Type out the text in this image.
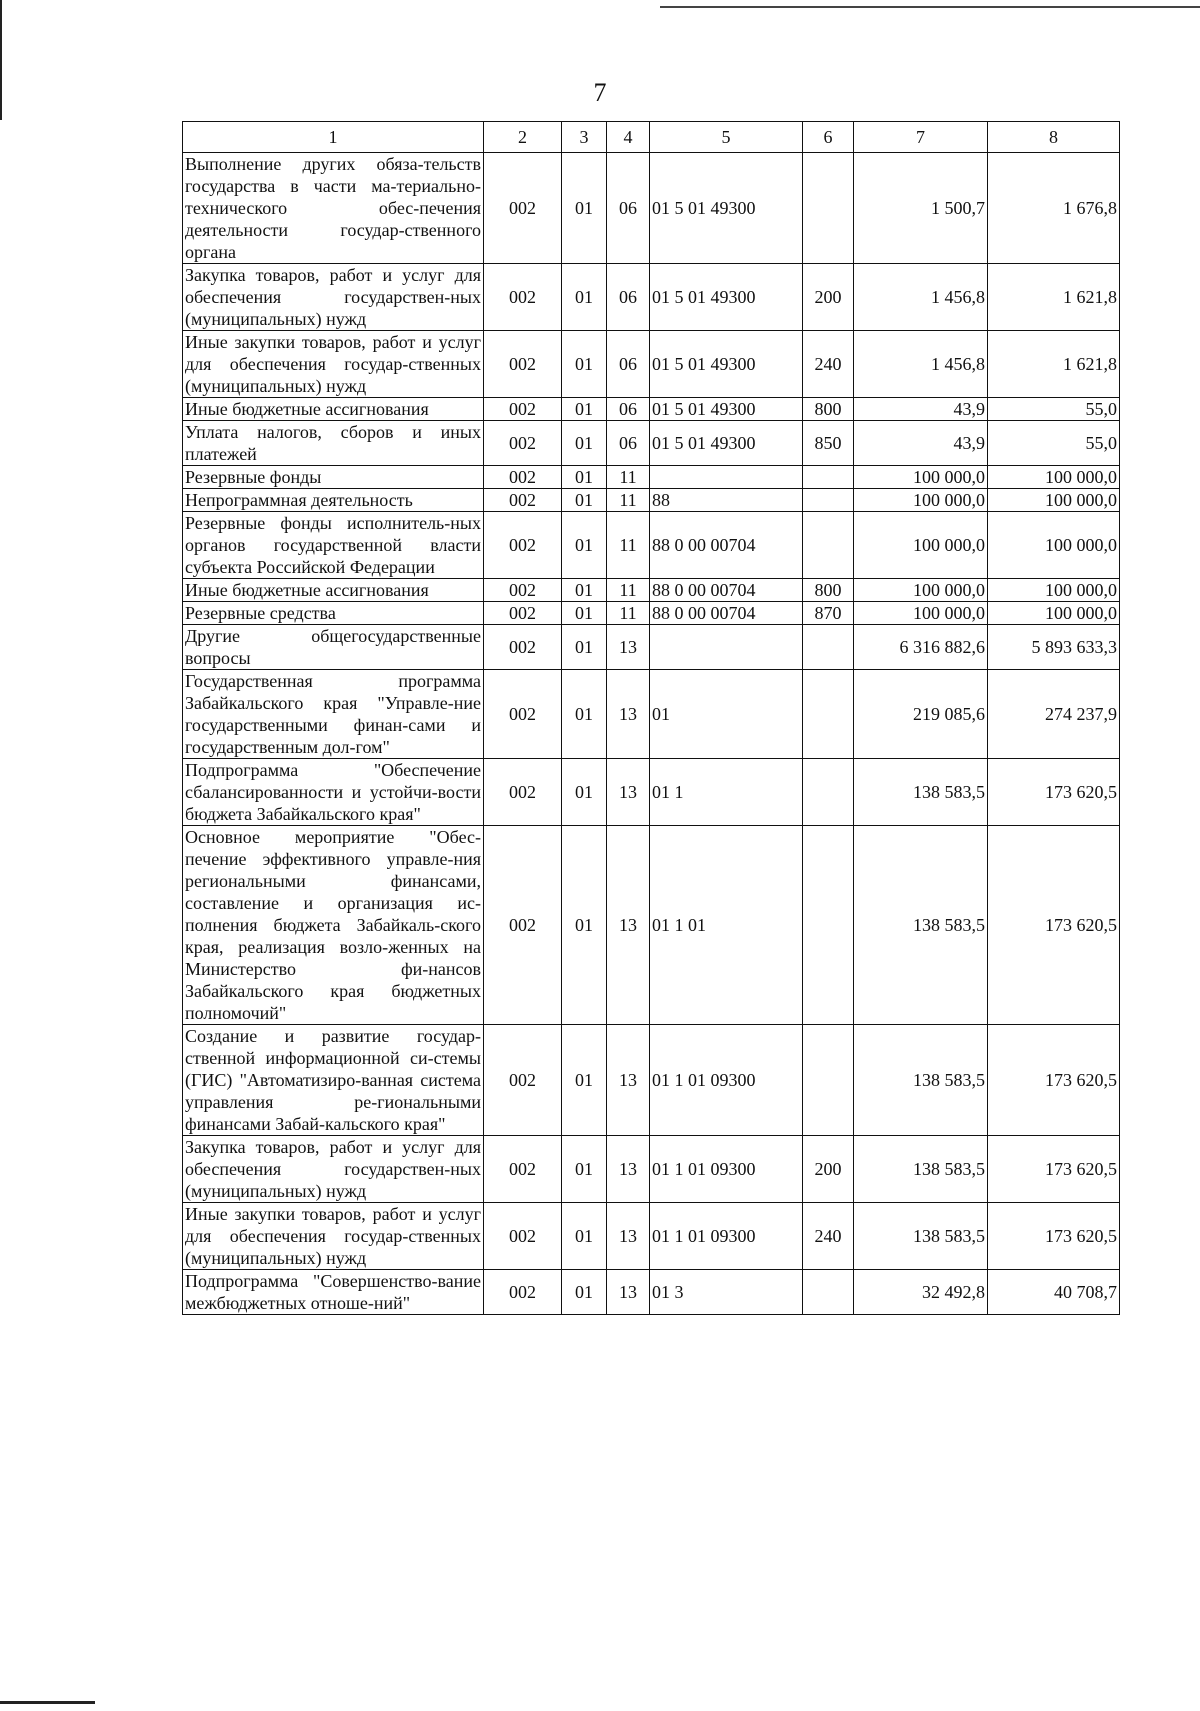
7
1	2	3	4	5	6	7	8
Выполнение других обяза-тельств государства в части ма-териально-технического обес-печения деятельности государ-ственного органа	002	01	06	01 5 01 49300		1 500,7	1 676,8
Закупка товаров, работ и услуг для обеспечения государствен-ных (муниципальных) нужд	002	01	06	01 5 01 49300	200	1 456,8	1 621,8
Иные закупки товаров, работ и услуг для обеспечения государ-ственных (муниципальных) нужд	002	01	06	01 5 01 49300	240	1 456,8	1 621,8
Иные бюджетные ассигнования	002	01	06	01 5 01 49300	800	43,9	55,0
Уплата налогов, сборов и иных платежей	002	01	06	01 5 01 49300	850	43,9	55,0
Резервные фонды	002	01	11			100 000,0	100 000,0
Непрограммная деятельность	002	01	11	88		100 000,0	100 000,0
Резервные фонды исполнитель-ных органов государственной власти субъекта Российской Федерации	002	01	11	88 0 00 00704		100 000,0	100 000,0
Иные бюджетные ассигнования	002	01	11	88 0 00 00704	800	100 000,0	100 000,0
Резервные средства	002	01	11	88 0 00 00704	870	100 000,0	100 000,0
Другие общегосударственные вопросы	002	01	13			6 316 882,6	5 893 633,3
Государственная программа Забайкальского края "Управле-ние государственными финан-сами и государственным дол-гом"	002	01	13	01		219 085,6	274 237,9
Подпрограмма "Обеспечение сбалансированности и устойчи-вости бюджета Забайкальского края"	002	01	13	01 1		138 583,5	173 620,5
Основное мероприятие "Обес-печение эффективного управле-ния региональными финансами, составление и организация ис-полнения бюджета Забайкаль-ского края, реализация возло-женных на Министерство фи-нансов Забайкальского края бюджетных полномочий"	002	01	13	01 1 01		138 583,5	173 620,5
Создание и развитие государ-ственной информационной си-стемы (ГИС) "Автоматизиро-ванная система управления ре-гиональными финансами Забай-кальского края"	002	01	13	01 1 01 09300		138 583,5	173 620,5
Закупка товаров, работ и услуг для обеспечения государствен-ных (муниципальных) нужд	002	01	13	01 1 01 09300	200	138 583,5	173 620,5
Иные закупки товаров, работ и услуг для обеспечения государ-ственных (муниципальных) нужд	002	01	13	01 1 01 09300	240	138 583,5	173 620,5
Подпрограмма "Совершенство-вание межбюджетных отноше-ний"	002	01	13	01 3		32 492,8	40 708,7
